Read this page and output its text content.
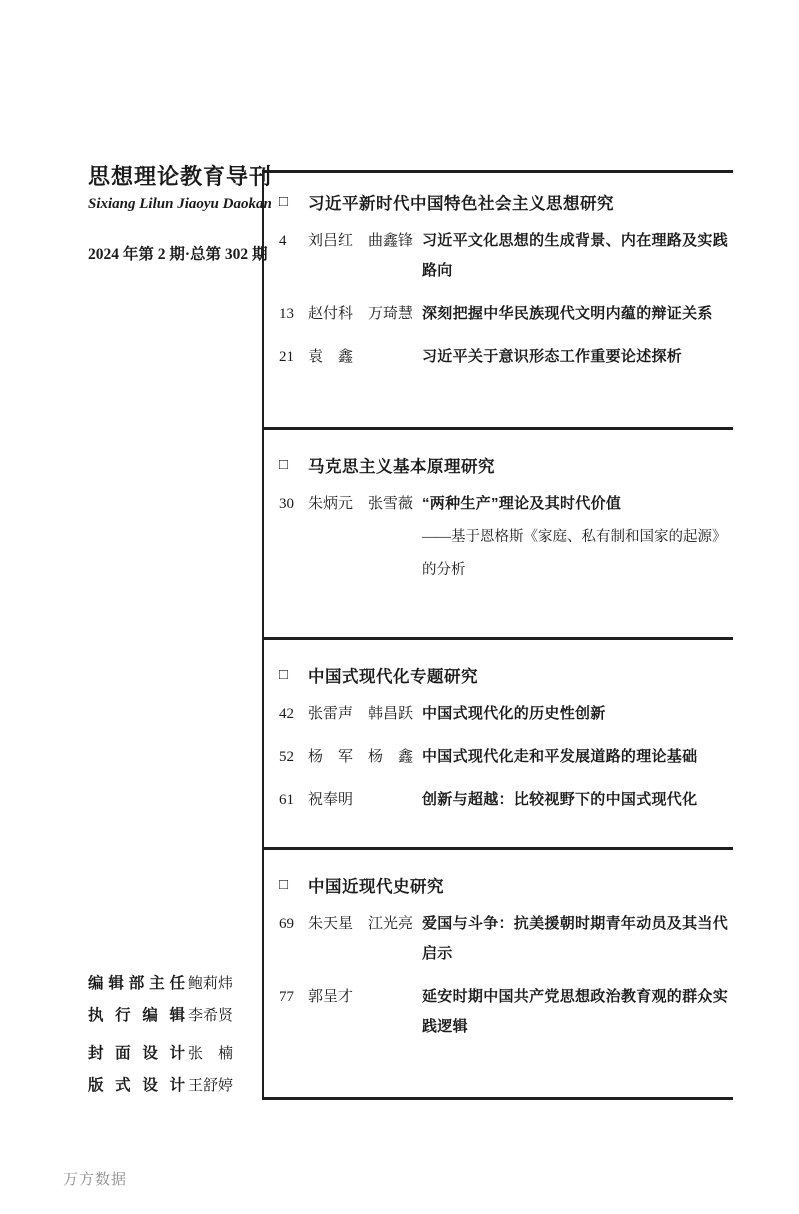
思想理论教育导刊
Sixiang Lilun Jiaoyu Daokan
2024 年第 2 期·总第 302 期
编辑部主任 鲍莉炜
执行编辑 李希贤
封面设计 张　楠
版式设计 王舒婷
万方数据
□	习近平新时代中国特色社会主义思想研究
4	刘吕红　曲鑫锋 习近平文化思想的生成背景、内在理路及实践
路向
13 赵付科　万琦慧 深刻把握中华民族现代文明内蕴的辩证关系
21 袁　鑫	习近平关于意识形态工作重要论述探析
□	马克思主义基本原理研究
30 朱炳元　张雪薇 “两种生产”理论及其时代价值
——基于恩格斯《家庭、私有制和国家的起源》
的分析
□	中国式现代化专题研究
42 张雷声　韩昌跃 中国式现代化的历史性创新
52 杨　军　杨　鑫 中国式现代化走和平发展道路的理论基础
61 祝奉明	创新与超越：比较视野下的中国式现代化
□	中国近现代史研究
69 朱天星　江光亮 爱国与斗争：抗美援朝时期青年动员及其当代
启示
77 郭呈才	延安时期中国共产党思想政治教育观的群众实
践逻辑
